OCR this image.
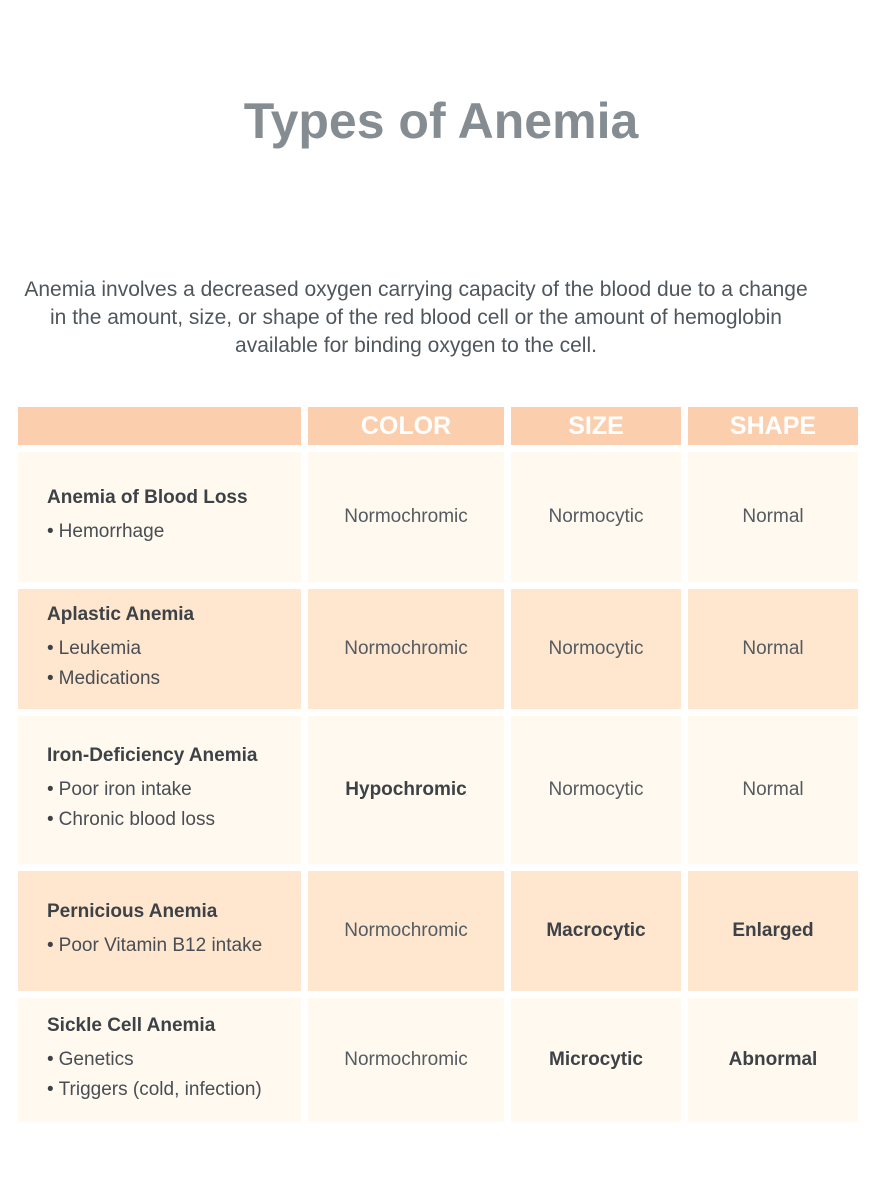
Types of Anemia

Anemia involves a decreased oxygen carrying capacity of the blood due to a change in the amount, size, or shape of the red blood cell or the amount of hemoglobin available for binding oxygen to the cell.

COLOR	SIZE	SHAPE
Anemia of Blood Loss
• Hemorrhage
Normochromic	Normocytic	Normal
Aplastic Anemia
• Leukemia
• Medications
Normochromic	Normocytic	Normal
Iron-Deficiency Anemia
• Poor iron intake
• Chronic blood loss
Hypochromic	Normocytic	Normal
Pernicious Anemia
• Poor Vitamin B12 intake
Normochromic	Macrocytic	Enlarged
Sickle Cell Anemia
• Genetics
• Triggers (cold, infection)
Normochromic	Microcytic	Abnormal
